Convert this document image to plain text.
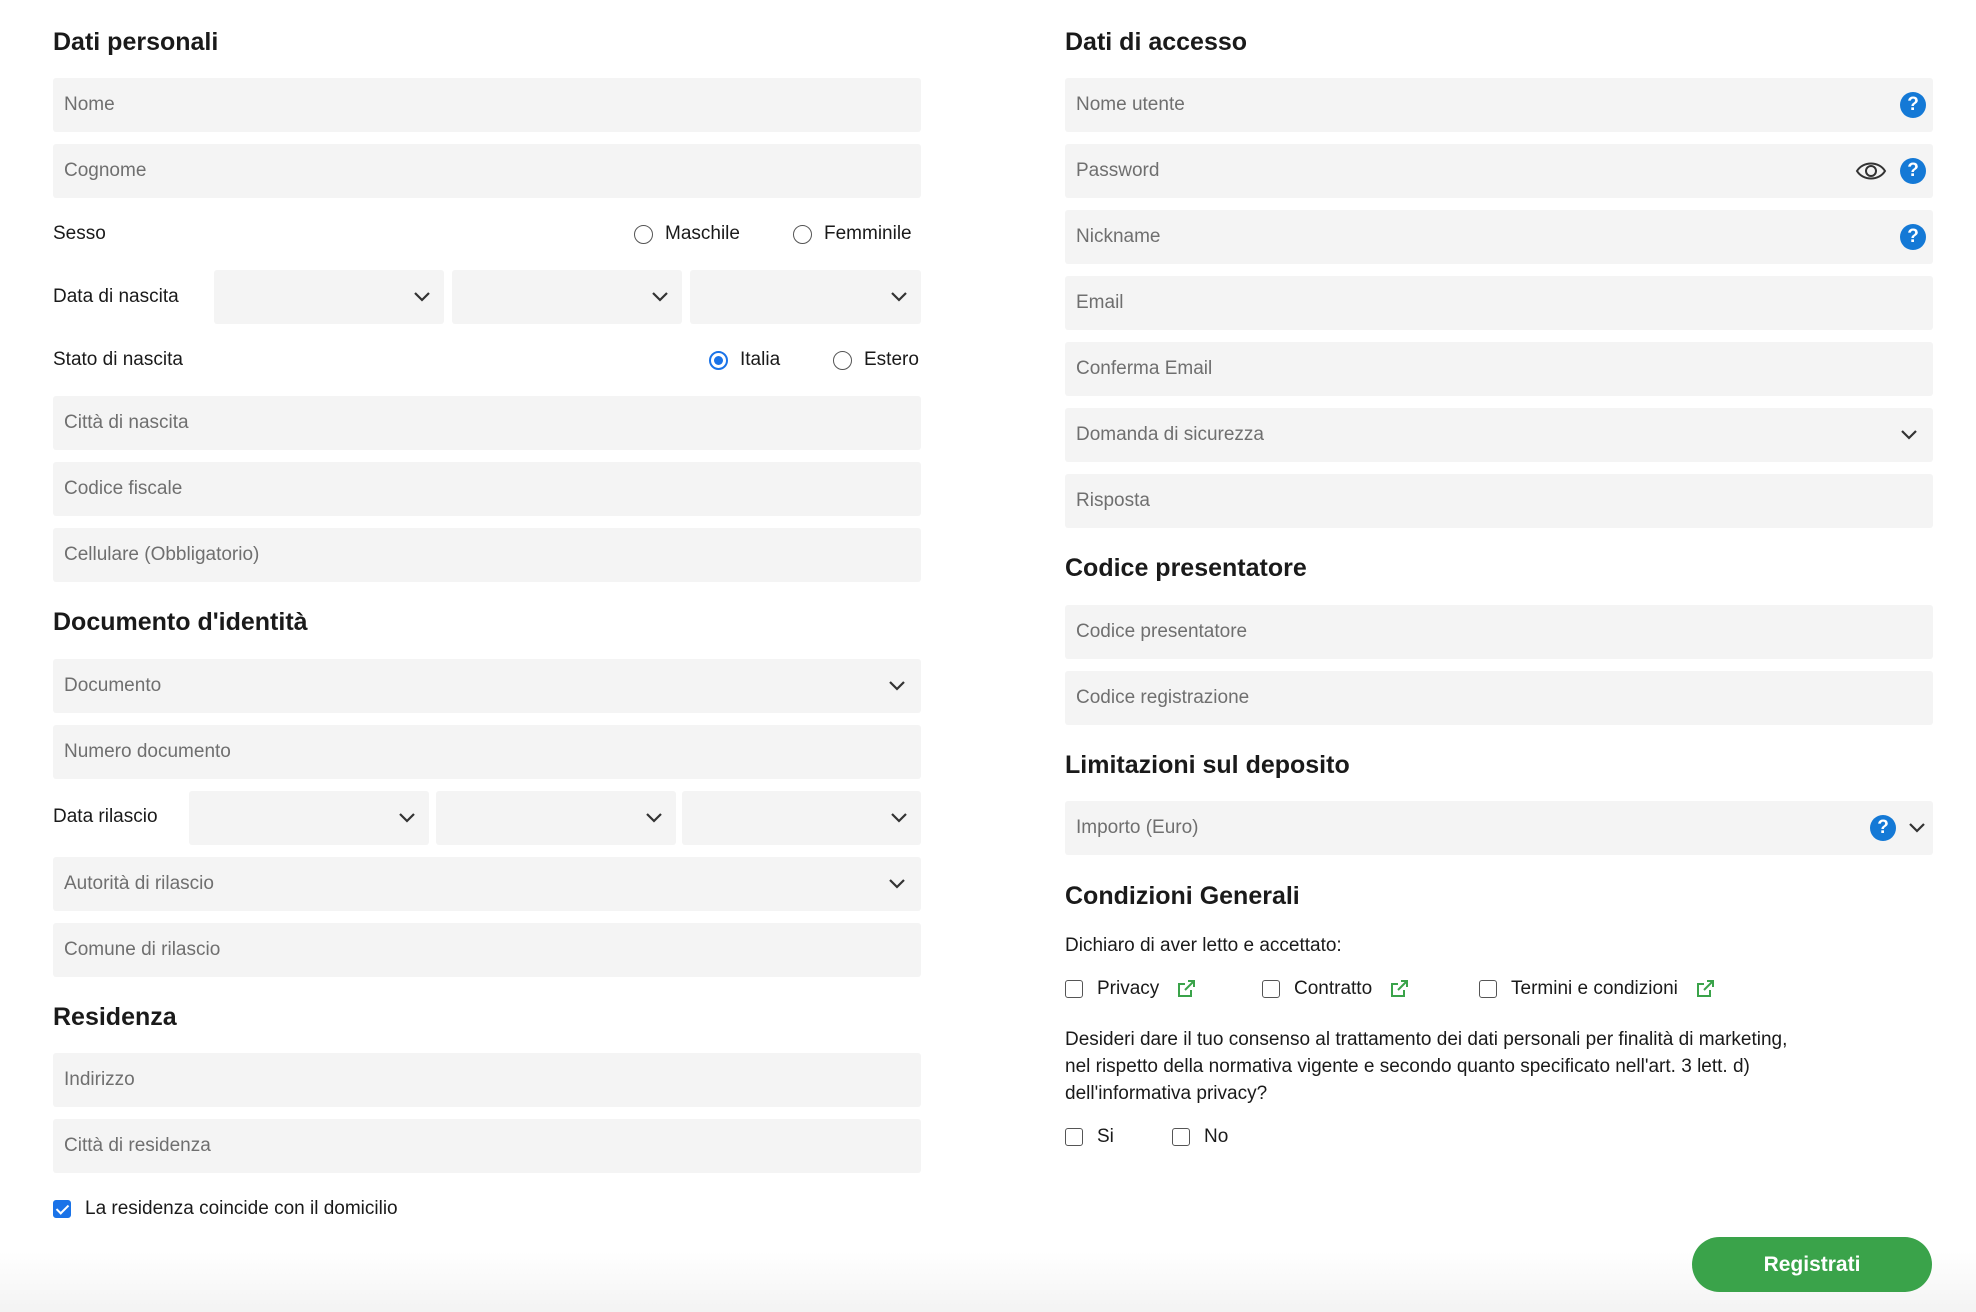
Dati personali
Nome
Cognome
Sesso	Maschile	Femminile
Data di nascita
Stato di nascita	Italia	Estero
Città di nascita
Codice fiscale
Cellulare (Obbligatorio)
Documento d'identità
Documento
Numero documento
Data rilascio
Autorità di rilascio
Comune di rilascio
Residenza
Indirizzo
Città di residenza
La residenza coincide con il domicilio
Dati di accesso
Nome utente	?
Password	?
Nickname	?
Email
Conferma Email
Domanda di sicurezza
Risposta
Codice presentatore
Codice presentatore
Codice registrazione
Limitazioni sul deposito
Importo (Euro)	?
Condizioni Generali
Dichiaro di aver letto e accettato:
Privacy	Contratto	Termini e condizioni
Desideri dare il tuo consenso al trattamento dei dati personali per finalità di marketing,
nel rispetto della normativa vigente e secondo quanto specificato nell'art. 3 lett. d)
dell'informativa privacy?
Si	No
Registrati
